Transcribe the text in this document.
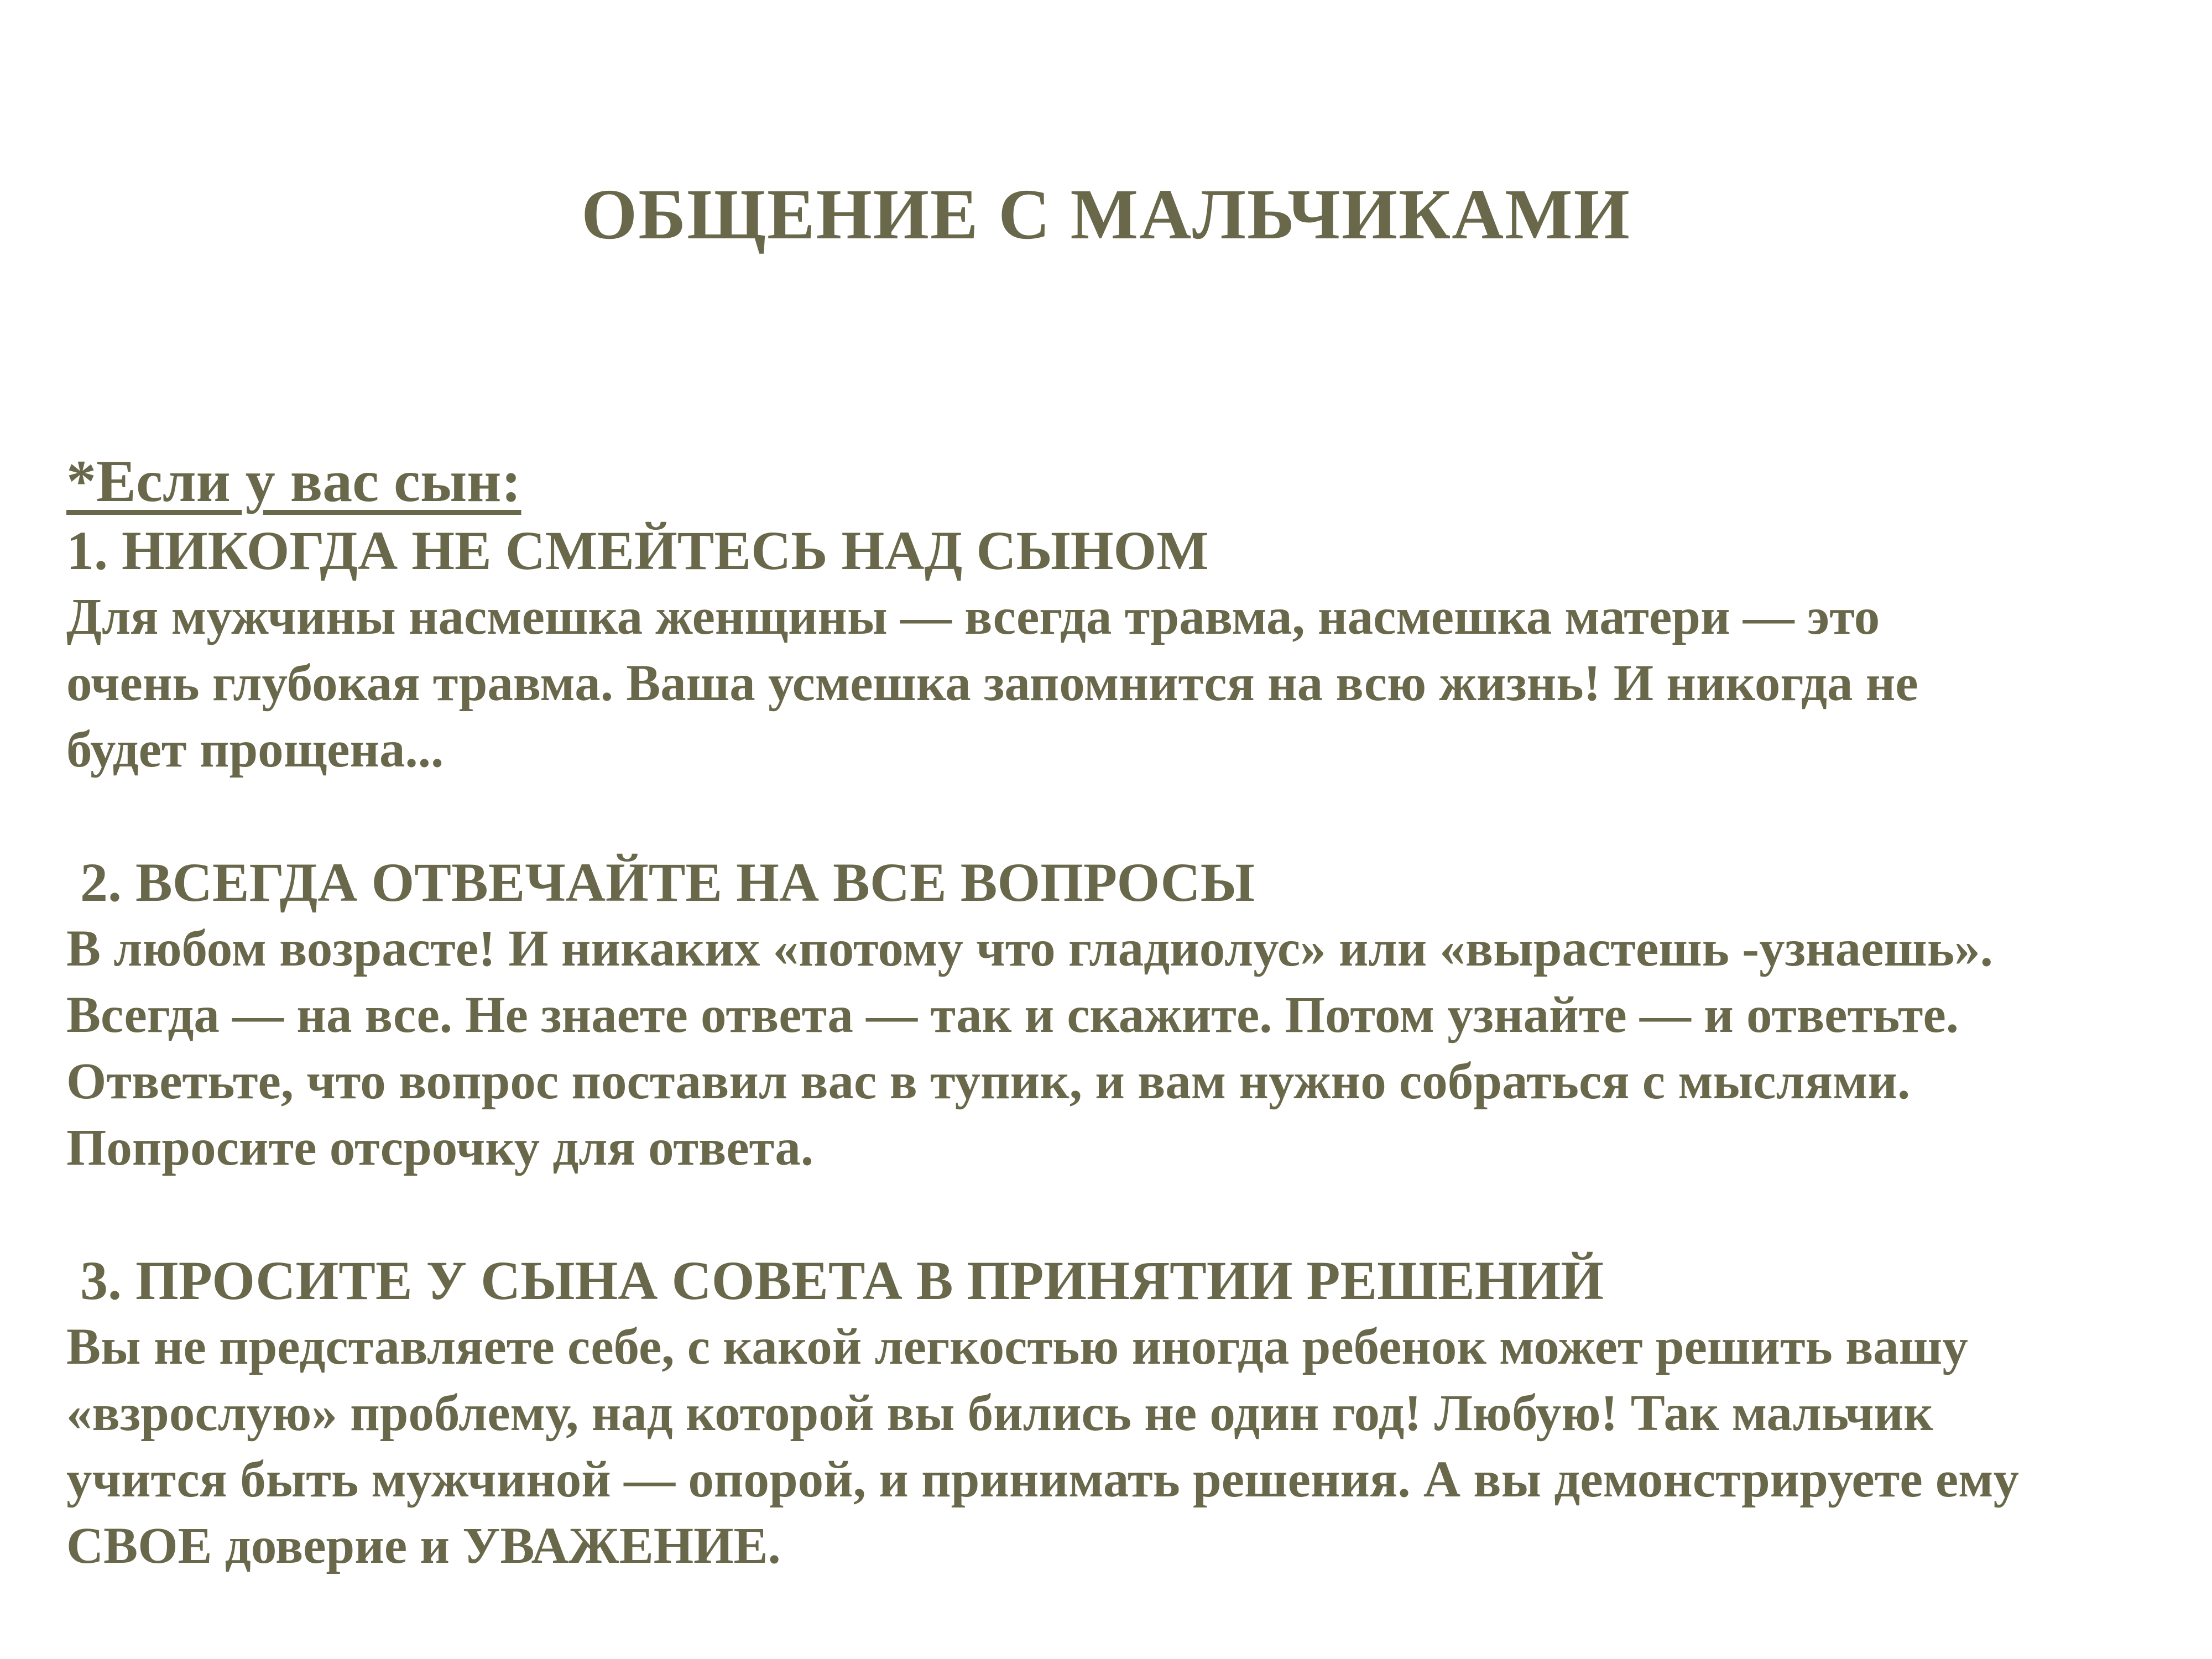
ОБЩЕНИЕ С МАЛЬЧИКАМИ
*Если у вас сын:
1. НИКОГДА НЕ СМЕЙТЕСЬ НАД СЫНОМ
Для мужчины насмешка женщины — всегда травма, насмешка матери — это
очень глубокая травма. Ваша усмешка запомнится на всю жизнь! И никогда не
будет прощена...
2. ВСЕГДА ОТВЕЧАЙТЕ НА ВСЕ ВОПРОСЫ
В любом возрасте! И никаких «потому что гладиолус» или «вырастешь -узнаешь».
Всегда — на все. Не знаете ответа — так и скажите. Потом узнайте — и ответьте.
Ответьте, что вопрос поставил вас в тупик, и вам нужно собраться с мыслями.
Попросите отсрочку для ответа.
3. ПРОСИТЕ У СЫНА СОВЕТА В ПРИНЯТИИ РЕШЕНИЙ
Вы не представляете себе, с какой легкостью иногда ребенок может решить вашу
«взрослую» проблему, над которой вы бились не один год! Любую! Так мальчик
учится быть мужчиной — опорой, и принимать решения. А вы демонстрируете ему
СВОЕ доверие и УВАЖЕНИЕ.
